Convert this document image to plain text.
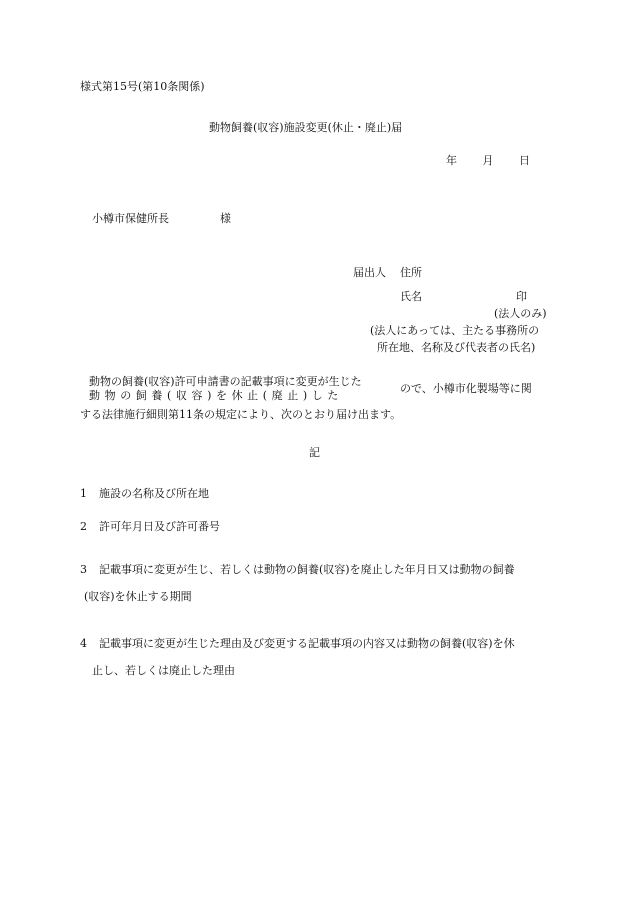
様式第15号(第10条関係)
動物飼養(収容)施設変更(休止・廃止)届
年 月 日
小樽市保健所長	様
届出人 住所
氏名	印
(法人のみ)
(法人にあっては、主たる事務所の
所在地、名称及び代表者の氏名)
動物の飼養(収容)許可申請書の記載事項に変更が生じた
動物の飼養(収容)を休止(廃止)した
ので、小樽市化製場等に関
する法律施行細則第11条の規定により、次のとおり届け出ます。
記
1 施設の名称及び所在地
2 許可年月日及び許可番号
3 記載事項に変更が生じ、若しくは動物の飼養(収容)を廃止した年月日又は動物の飼養
(収容)を休止する期間
4 記載事項に変更が生じた理由及び変更する記載事項の内容又は動物の飼養(収容)を休
止し、若しくは廃止した理由
